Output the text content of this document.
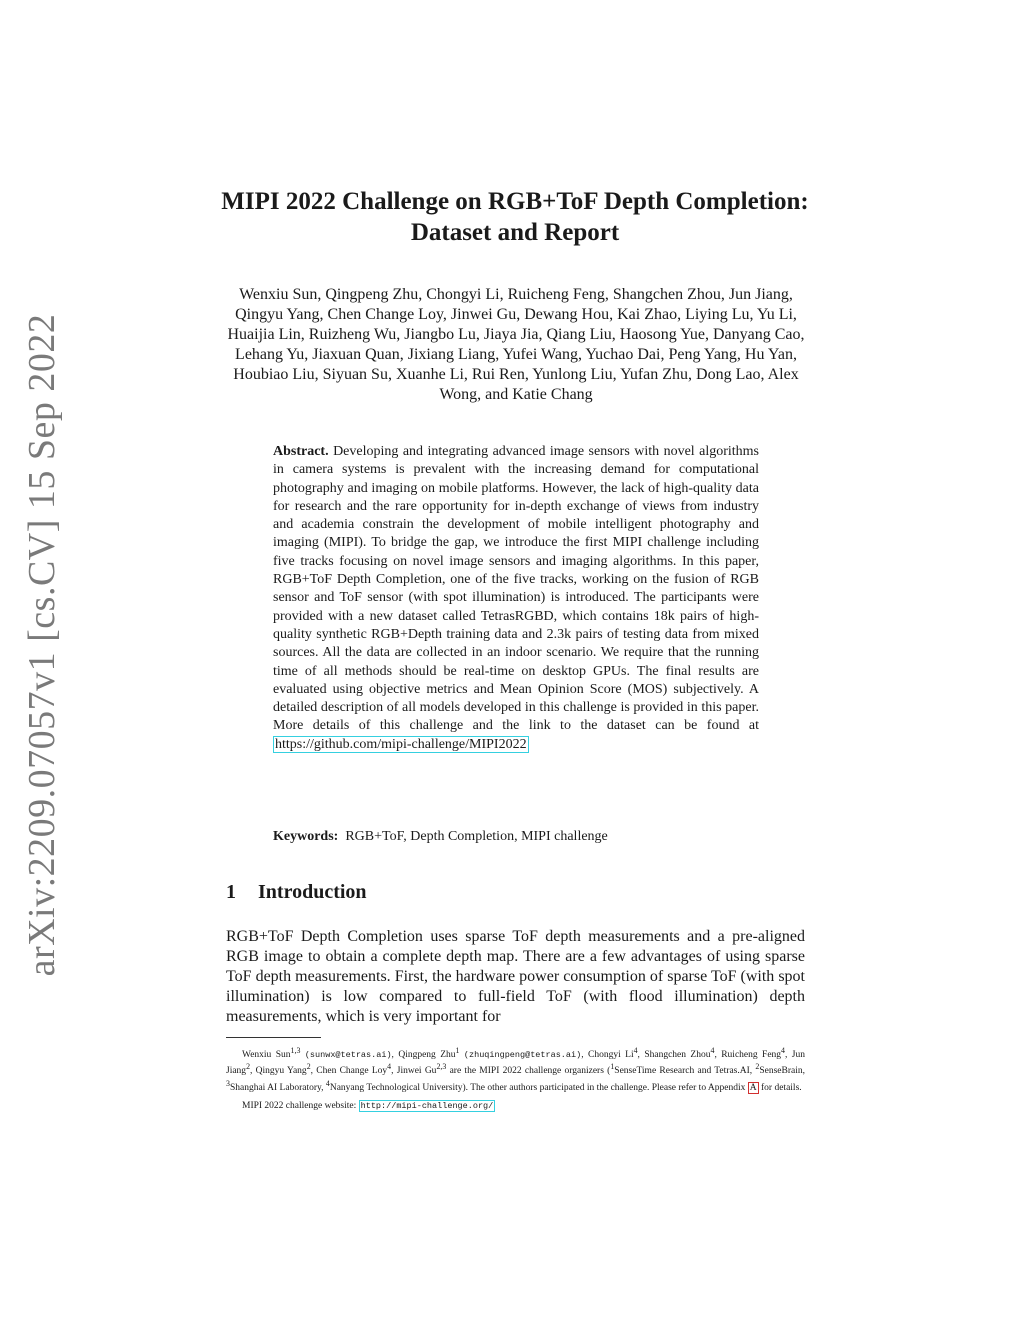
arXiv:2209.07057v1 [cs.CV] 15 Sep 2022
MIPI 2022 Challenge on RGB+ToF Depth Completion: Dataset and Report

Wenxiu Sun, Qingpeng Zhu, Chongyi Li, Ruicheng Feng, Shangchen Zhou, Jun Jiang, Qingyu Yang, Chen Change Loy, Jinwei Gu, Dewang Hou, Kai Zhao, Liying Lu, Yu Li, Huaijia Lin, Ruizheng Wu, Jiangbo Lu, Jiaya Jia, Qiang Liu, Haosong Yue, Danyang Cao, Lehang Yu, Jiaxuan Quan, Jixiang Liang, Yufei Wang, Yuchao Dai, Peng Yang, Hu Yan, Houbiao Liu, Siyuan Su, Xuanhe Li, Rui Ren, Yunlong Liu, Yufan Zhu, Dong Lao, Alex Wong, and Katie Chang

Abstract. Developing and integrating advanced image sensors with novel algorithms in camera systems is prevalent with the increasing demand for computational photography and imaging on mobile platforms. However, the lack of high-quality data for research and the rare opportunity for in-depth exchange of views from industry and academia constrain the development of mobile intelligent photography and imaging (MIPI). To bridge the gap, we introduce the first MIPI challenge including five tracks focusing on novel image sensors and imaging algorithms. In this paper, RGB+ToF Depth Completion, one of the five tracks, working on the fusion of RGB sensor and ToF sensor (with spot illumination) is introduced. The participants were provided with a new dataset called TetrasRGBD, which contains 18k pairs of high-quality synthetic RGB+Depth training data and 2.3k pairs of testing data from mixed sources. All the data are collected in an indoor scenario. We require that the running time of all methods should be real-time on desktop GPUs. The final results are evaluated using objective metrics and Mean Opinion Score (MOS) subjectively. A detailed description of all models developed in this challenge is provided in this paper. More details of this challenge and the link to the dataset can be found at https://github.com/mipi-challenge/MIPI2022

Keywords: RGB+ToF, Depth Completion, MIPI challenge

1 Introduction

RGB+ToF Depth Completion uses sparse ToF depth measurements and a pre-aligned RGB image to obtain a complete depth map. There are a few advantages of using sparse ToF depth measurements. First, the hardware power consumption of sparse ToF (with spot illumination) is low compared to full-field ToF (with flood illumination) depth measurements, which is very important for

Wenxiu Sun$^{1,3}$ (sunwx@tetras.ai), Qingpeng Zhu$^1$ (zhuqingpeng@tetras.ai), Chongyi Li$^4$, Shangchen Zhou$^4$, Ruicheng Feng$^4$, Jun Jiang$^2$, Qingyu Yang$^2$, Chen Change Loy$^4$, Jinwei Gu$^{2,3}$ are the MIPI 2022 challenge organizers ($^1$SenseTime Research and Tetras.AI, $^2$SenseBrain, $^3$Shanghai AI Laboratory, $^4$Nanyang Technological University). The other authors participated in the challenge. Please refer to Appendix A for details.

MIPI 2022 challenge website: http://mipi-challenge.org/
